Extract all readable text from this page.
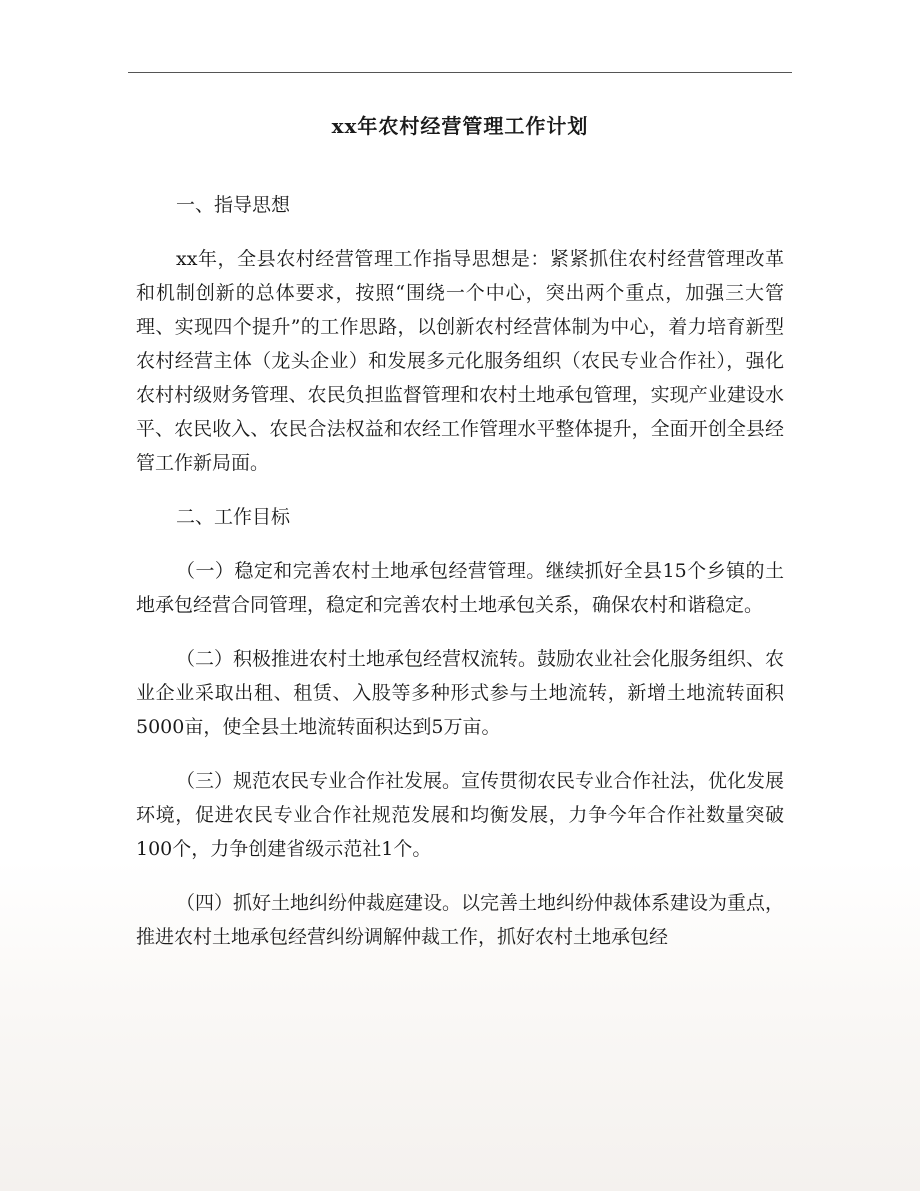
xx年农村经营管理工作计划
一、指导思想

xx年，全县农村经营管理工作指导思想是：紧紧抓住农村经营管理改革和机制创新的总体要求，按照“围绕一个中心，突出两个重点，加强三大管理、实现四个提升”的工作思路，以创新农村经营体制为中心，着力培育新型农村经营主体（龙头企业）和发展多元化服务组织（农民专业合作社），强化农村村级财务管理、农民负担监督管理和农村土地承包管理，实现产业建设水平、农民收入、农民合法权益和农经工作管理水平整体提升，全面开创全县经管工作新局面。

二、工作目标

（一）稳定和完善农村土地承包经营管理。继续抓好全县15个乡镇的土地承包经营合同管理，稳定和完善农村土地承包关系，确保农村和谐稳定。

（二）积极推进农村土地承包经营权流转。鼓励农业社会化服务组织、农业企业采取出租、租赁、入股等多种形式参与土地流转，新增土地流转面积5000亩，使全县土地流转面积达到5万亩。

（三）规范农民专业合作社发展。宣传贯彻农民专业合作社法，优化发展环境，促进农民专业合作社规范发展和均衡发展，力争今年合作社数量突破100个，力争创建省级示范社1个。

（四）抓好土地纠纷仲裁庭建设。以完善土地纠纷仲裁体系建设为重点，推进农村土地承包经营纠纷调解仲裁工作，抓好农村土地承包经
